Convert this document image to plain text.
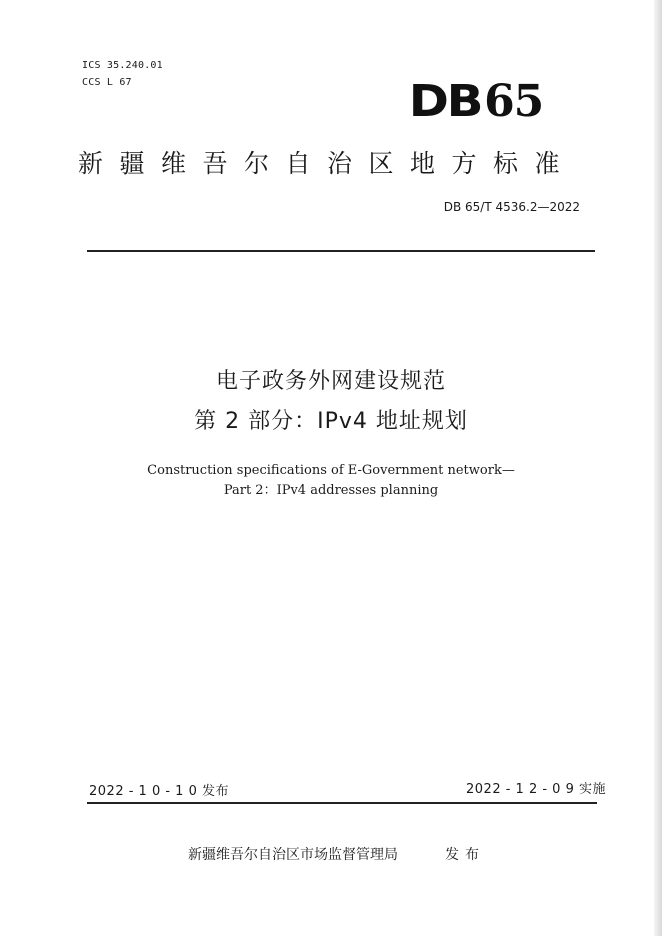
ICS 35.240.01
CCS L 67	DB65
新疆维吾尔自治区地方标准
DB 65/T 4536.2—2022
电子政务外网建设规范
第 2 部分：IPv4 地址规划
Construction specifications of E-Government network—
Part 2：IPv4 addresses planning
2022 - 1 0 - 1 0 发布	2022 - 1 2 - 0 9 实施
新疆维吾尔自治区市场监督管理局	发布
